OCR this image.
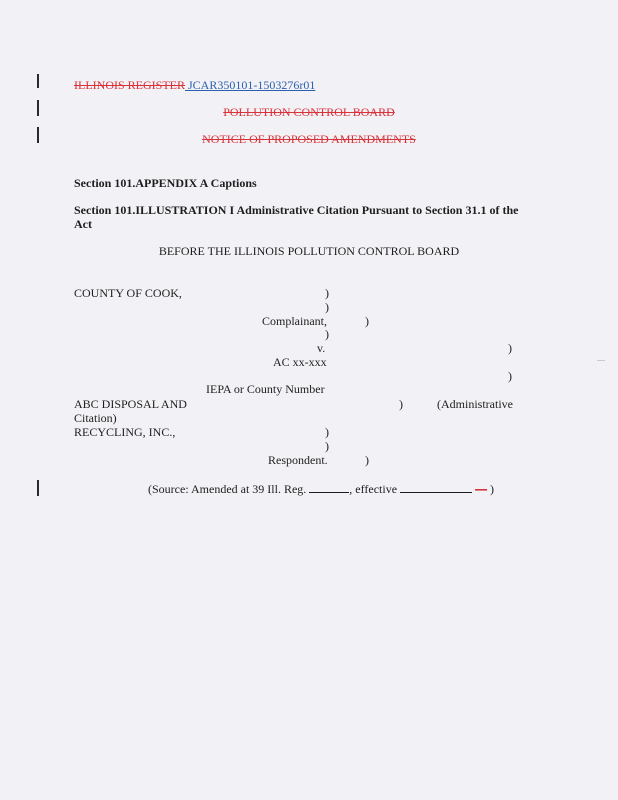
ILLINOIS REGISTER JCAR350101-1503276r01
POLLUTION CONTROL BOARD
NOTICE OF PROPOSED AMENDMENTS
Section 101.APPENDIX A Captions
Section 101.ILLUSTRATION I Administrative Citation Pursuant to Section 31.1 of the
Act
BEFORE THE ILLINOIS POLLUTION CONTROL BOARD
COUNTY OF COOK,	)
)
Complainant,	)
)
v.	)
AC xx-xxx
)
IEPA or County Number
ABC DISPOSAL AND	)	(Administrative
Citation)
RECYCLING, INC.,	)
)
Respondent.	)
(Source: Amended at 39 Ill. Reg.	, effective	— )
